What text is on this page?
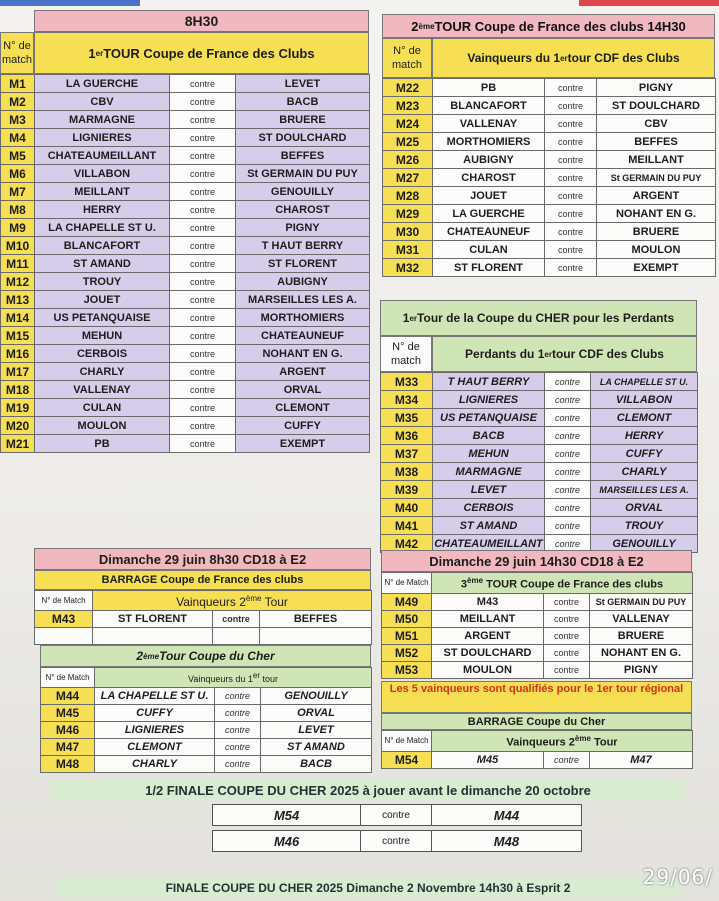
8H30	2 ème TOUR Coupe de France des clubs 14H30
N° de match	1 er TOUR Coupe de France des Clubs
M1	LA GUERCHE	contre	LEVET
M2	CBV	contre	BACB
M3	MARMAGNE	contre	BRUERE
M4	LIGNIERES	contre	ST DOULCHARD
M5	CHATEAUMEILLANT	contre	BEFFES
M6	VILLABON	contre	St GERMAIN DU PUY
M7	MEILLANT	contre	GENOUILLY
M8	HERRY	contre	CHAROST
M9	LA CHAPELLE ST U.	contre	PIGNY
M10	BLANCAFORT	contre	T HAUT BERRY
M11	ST AMAND	contre	ST FLORENT
M12	TROUY	contre	AUBIGNY
M13	JOUET	contre	MARSEILLES LES A.
M14	US PETANQUAISE	contre	MORTHOMIERS
M15	MEHUN	contre	CHATEAUNEUF
M16	CERBOIS	contre	NOHANT EN G.
M17	CHARLY	contre	ARGENT
M18	VALLENAY	contre	ORVAL
M19	CULAN	contre	CLEMONT
M20	MOULON	contre	CUFFY
M21	PB	contre	EXEMPT
N° de match	Vainqueurs du 1 er tour CDF des Clubs
M22	PB	contre	PIGNY
M23	BLANCAFORT	contre	ST DOULCHARD
M24	VALLENAY	contre	CBV
M25	MORTHOMIERS	contre	BEFFES
M26	AUBIGNY	contre	MEILLANT
M27	CHAROST	contre	St GERMAIN DU PUY
M28	JOUET	contre	ARGENT
M29	LA GUERCHE	contre	NOHANT EN G.
M30	CHATEAUNEUF	contre	BRUERE
M31	CULAN	contre	MOULON
M32	ST FLORENT	contre	EXEMPT
1 er Tour de la Coupe du CHER pour les Perdants
N° de match	Perdants du 1 er tour CDF des Clubs
M33	T HAUT BERRY	contre	LA CHAPELLE ST U.
M34	LIGNIERES	contre	VILLABON
M35	US PETANQUAISE	contre	CLEMONT
M36	BACB	contre	HERRY
M37	MEHUN	contre	CUFFY
M38	MARMAGNE	contre	CHARLY
M39	LEVET	contre	MARSEILLES LES A.
M40	CERBOIS	contre	ORVAL
M41	ST AMAND	contre	TROUY
M42	CHATEAUMEILLANT	contre	GENOUILLY
Dimanche 29 juin 8h30 CD18 à E2
BARRAGE Coupe de France des clubs
N° de Match	Vainqueurs 2ème Tour		
M43	ST FLORENT	contre	BEFFES

2 ème Tour Coupe du Cher
N° de Match	Vainqueurs du 1er tour		
M44	LA CHAPELLE ST U.	contre	GENOUILLY
M45	CUFFY	contre	ORVAL
M46	LIGNIERES	contre	LEVET
M47	CLEMONT	contre	ST AMAND
M48	CHARLY	contre	BACB
Dimanche 29 juin 14h30 CD18 à E2
N° de Match	3ème TOUR Coupe de France des clubs		
M49	M43	contre	St GERMAIN DU PUY
M50	MEILLANT	contre	VALLENAY
M51	ARGENT	contre	BRUERE
M52	ST DOULCHARD	contre	NOHANT EN G.
M53	MOULON	contre	PIGNY
Les 5 vainqueurs sont qualifiés pour le 1er tour régional
BARRAGE Coupe du Cher
N° de Match	Vainqueurs 2ème Tour		
M54	M45	contre	M47
1/2 FINALE COUPE DU CHER 2025 à jouer avant le dimanche 20 octobre
M54	contre	M44
M46	contre	M48
FINALE COUPE DU CHER 2025 Dimanche 2 Novembre 14h30 à Esprit 2	29/06/
